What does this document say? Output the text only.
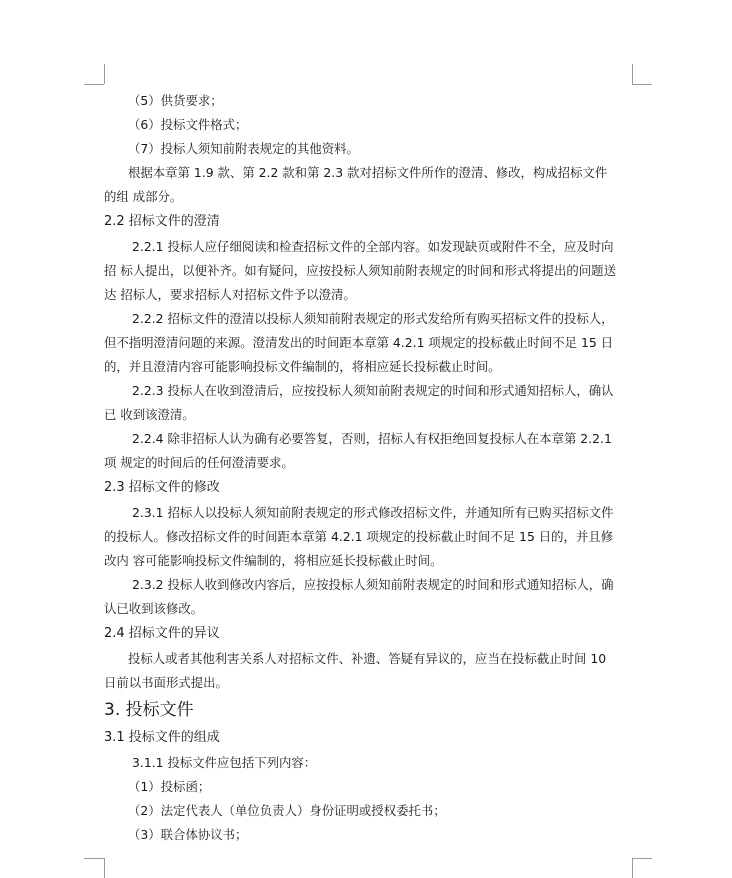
（5）供货要求；
（6）投标文件格式；
（7）投标人须知前附表规定的其他资料。
根据本章第 1.9 款、第 2.2 款和第 2.3 款对招标文件所作的澄清、修改，构成招标文件
的组 成部分。
2.2 招标文件的澄清
2.2.1 投标人应仔细阅读和检查招标文件的全部内容。如发现缺页或附件不全，应及时向
招 标人提出，以便补齐。如有疑问，应按投标人须知前附表规定的时间和形式将提出的问题送
达 招标人，要求招标人对招标文件予以澄清。
2.2.2 招标文件的澄清以投标人须知前附表规定的形式发给所有购买招标文件的投标人，
但不指明澄清问题的来源。澄清发出的时间距本章第 4.2.1 项规定的投标截止时间不足 15 日
的，并且澄清内容可能影响投标文件编制的，将相应延长投标截止时间。
2.2.3 投标人在收到澄清后，应按投标人须知前附表规定的时间和形式通知招标人，确认
已 收到该澄清。
2.2.4 除非招标人认为确有必要答复，否则，招标人有权拒绝回复投标人在本章第 2.2.1
项 规定的时间后的任何澄清要求。
2.3 招标文件的修改
2.3.1 招标人以投标人须知前附表规定的形式修改招标文件，并通知所有已购买招标文件
的投标人。修改招标文件的时间距本章第 4.2.1 项规定的投标截止时间不足 15 日的，并且修
改内 容可能影响投标文件编制的，将相应延长投标截止时间。
2.3.2 投标人收到修改内容后，应按投标人须知前附表规定的时间和形式通知招标人，确
认已收到该修改。
2.4 招标文件的异议
投标人或者其他利害关系人对招标文件、补遗、答疑有异议的，应当在投标截止时间 10
日前以书面形式提出。
3. 投标文件
3.1 投标文件的组成
3.1.1 投标文件应包括下列内容：
（1）投标函；
（2）法定代表人（单位负责人）身份证明或授权委托书；
（3）联合体协议书；
